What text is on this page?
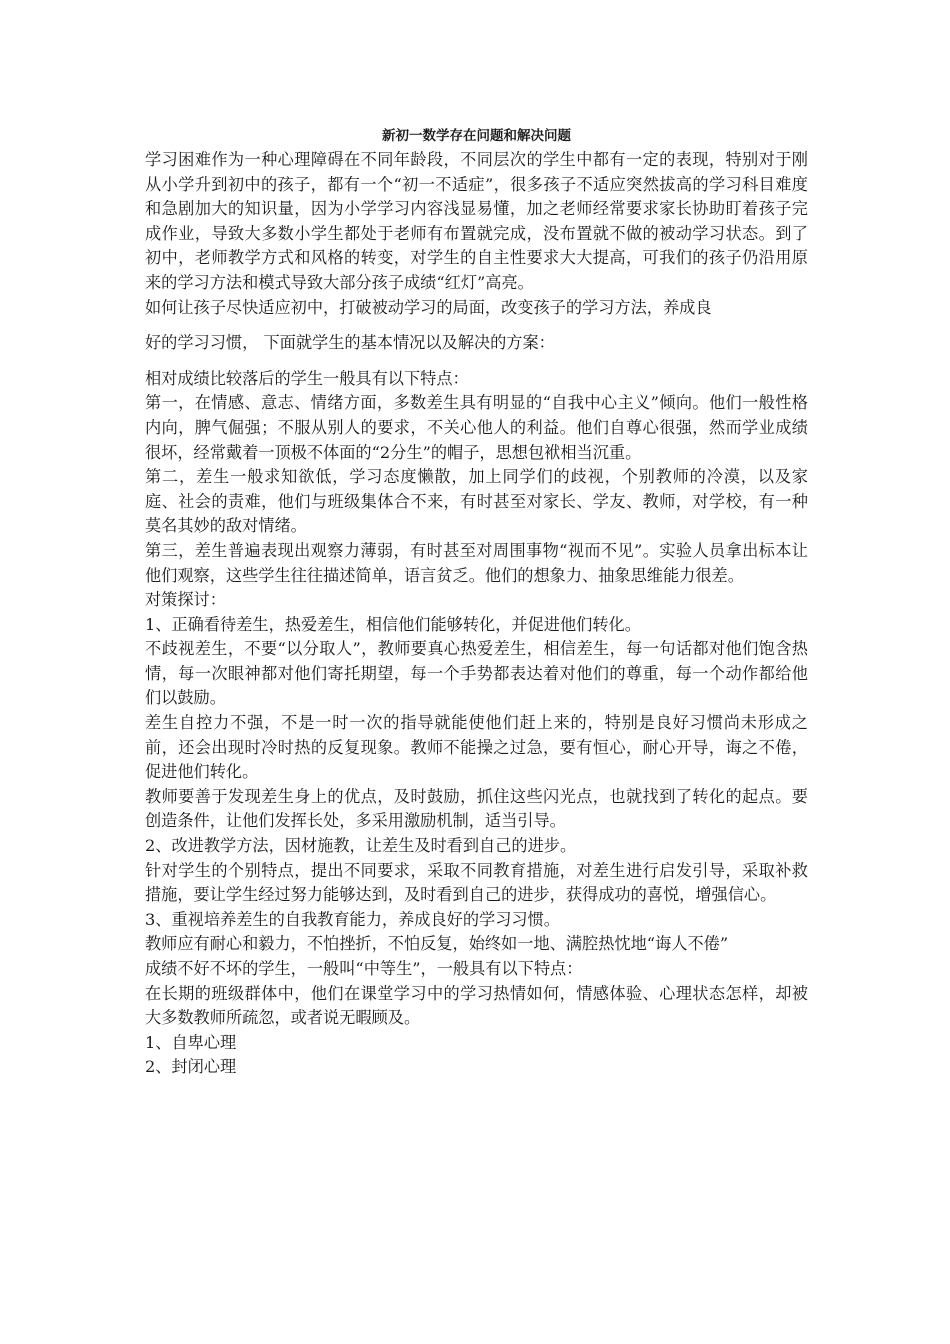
新初一数学存在问题和解决问题

学习困难作为一种心理障碍在不同年龄段，不同层次的学生中都有一定的表现，特别对于刚从小学升到初中的孩子，都有一个“初一不适症”，很多孩子不适应突然拔高的学习科目难度和急剧加大的知识量，因为小学学习内容浅显易懂，加之老师经常要求家长协助盯着孩子完成作业，导致大多数小学生都处于老师有布置就完成，没布置就不做的被动学习状态。到了初中，老师教学方式和风格的转变，对学生的自主性要求大大提高，可我们的孩子仍沿用原来的学习方法和模式导致大部分孩子成绩“红灯”高亮。

如何让孩子尽快适应初中，打破被动学习的局面，改变孩子的学习方法，养成良

好的学习习惯， 下面就学生的基本情况以及解决的方案：

相对成绩比较落后的学生一般具有以下特点：

第一，在情感、意志、情绪方面，多数差生具有明显的“自我中心主义”倾向。他们一般性格内向，脾气倔强；不服从别人的要求，不关心他人的利益。他们自尊心很强，然而学业成绩很坏，经常戴着一顶极不体面的“2分生”的帽子，思想包袱相当沉重。

第二，差生一般求知欲低，学习态度懒散，加上同学们的歧视，个别教师的冷漠，以及家庭、社会的责难，他们与班级集体合不来，有时甚至对家长、学友、教师，对学校，有一种莫名其妙的敌对情绪。

第三，差生普遍表现出观察力薄弱，有时甚至对周围事物“视而不见”。实验人员拿出标本让他们观察，这些学生往往描述简单，语言贫乏。他们的想象力、抽象思维能力很差。

对策探讨：

1、正确看待差生，热爱差生，相信他们能够转化，并促进他们转化。

不歧视差生，不要“以分取人”，教师要真心热爱差生，相信差生，每一句话都对他们饱含热情，每一次眼神都对他们寄托期望，每一个手势都表达着对他们的尊重，每一个动作都给他们以鼓励。

差生自控力不强，不是一时一次的指导就能使他们赶上来的，特别是良好习惯尚未形成之前，还会出现时冷时热的反复现象。教师不能操之过急，要有恒心，耐心开导，诲之不倦，促进他们转化。

教师要善于发现差生身上的优点，及时鼓励，抓住这些闪光点，也就找到了转化的起点。要创造条件，让他们发挥长处，多采用激励机制，适当引导。

2、改进教学方法，因材施教，让差生及时看到自己的进步。

针对学生的个别特点，提出不同要求，采取不同教育措施，对差生进行启发引导，采取补救措施，要让学生经过努力能够达到，及时看到自己的进步，获得成功的喜悦，增强信心。

3、重视培养差生的自我教育能力，养成良好的学习习惯。

教师应有耐心和毅力，不怕挫折，不怕反复，始终如一地、满腔热忱地“诲人不倦”

成绩不好不坏的学生，一般叫“中等生”，一般具有以下特点：

在长期的班级群体中，他们在课堂学习中的学习热情如何，情感体验、心理状态怎样，却被大多数教师所疏忽，或者说无暇顾及。

1、自卑心理

2、封闭心理
